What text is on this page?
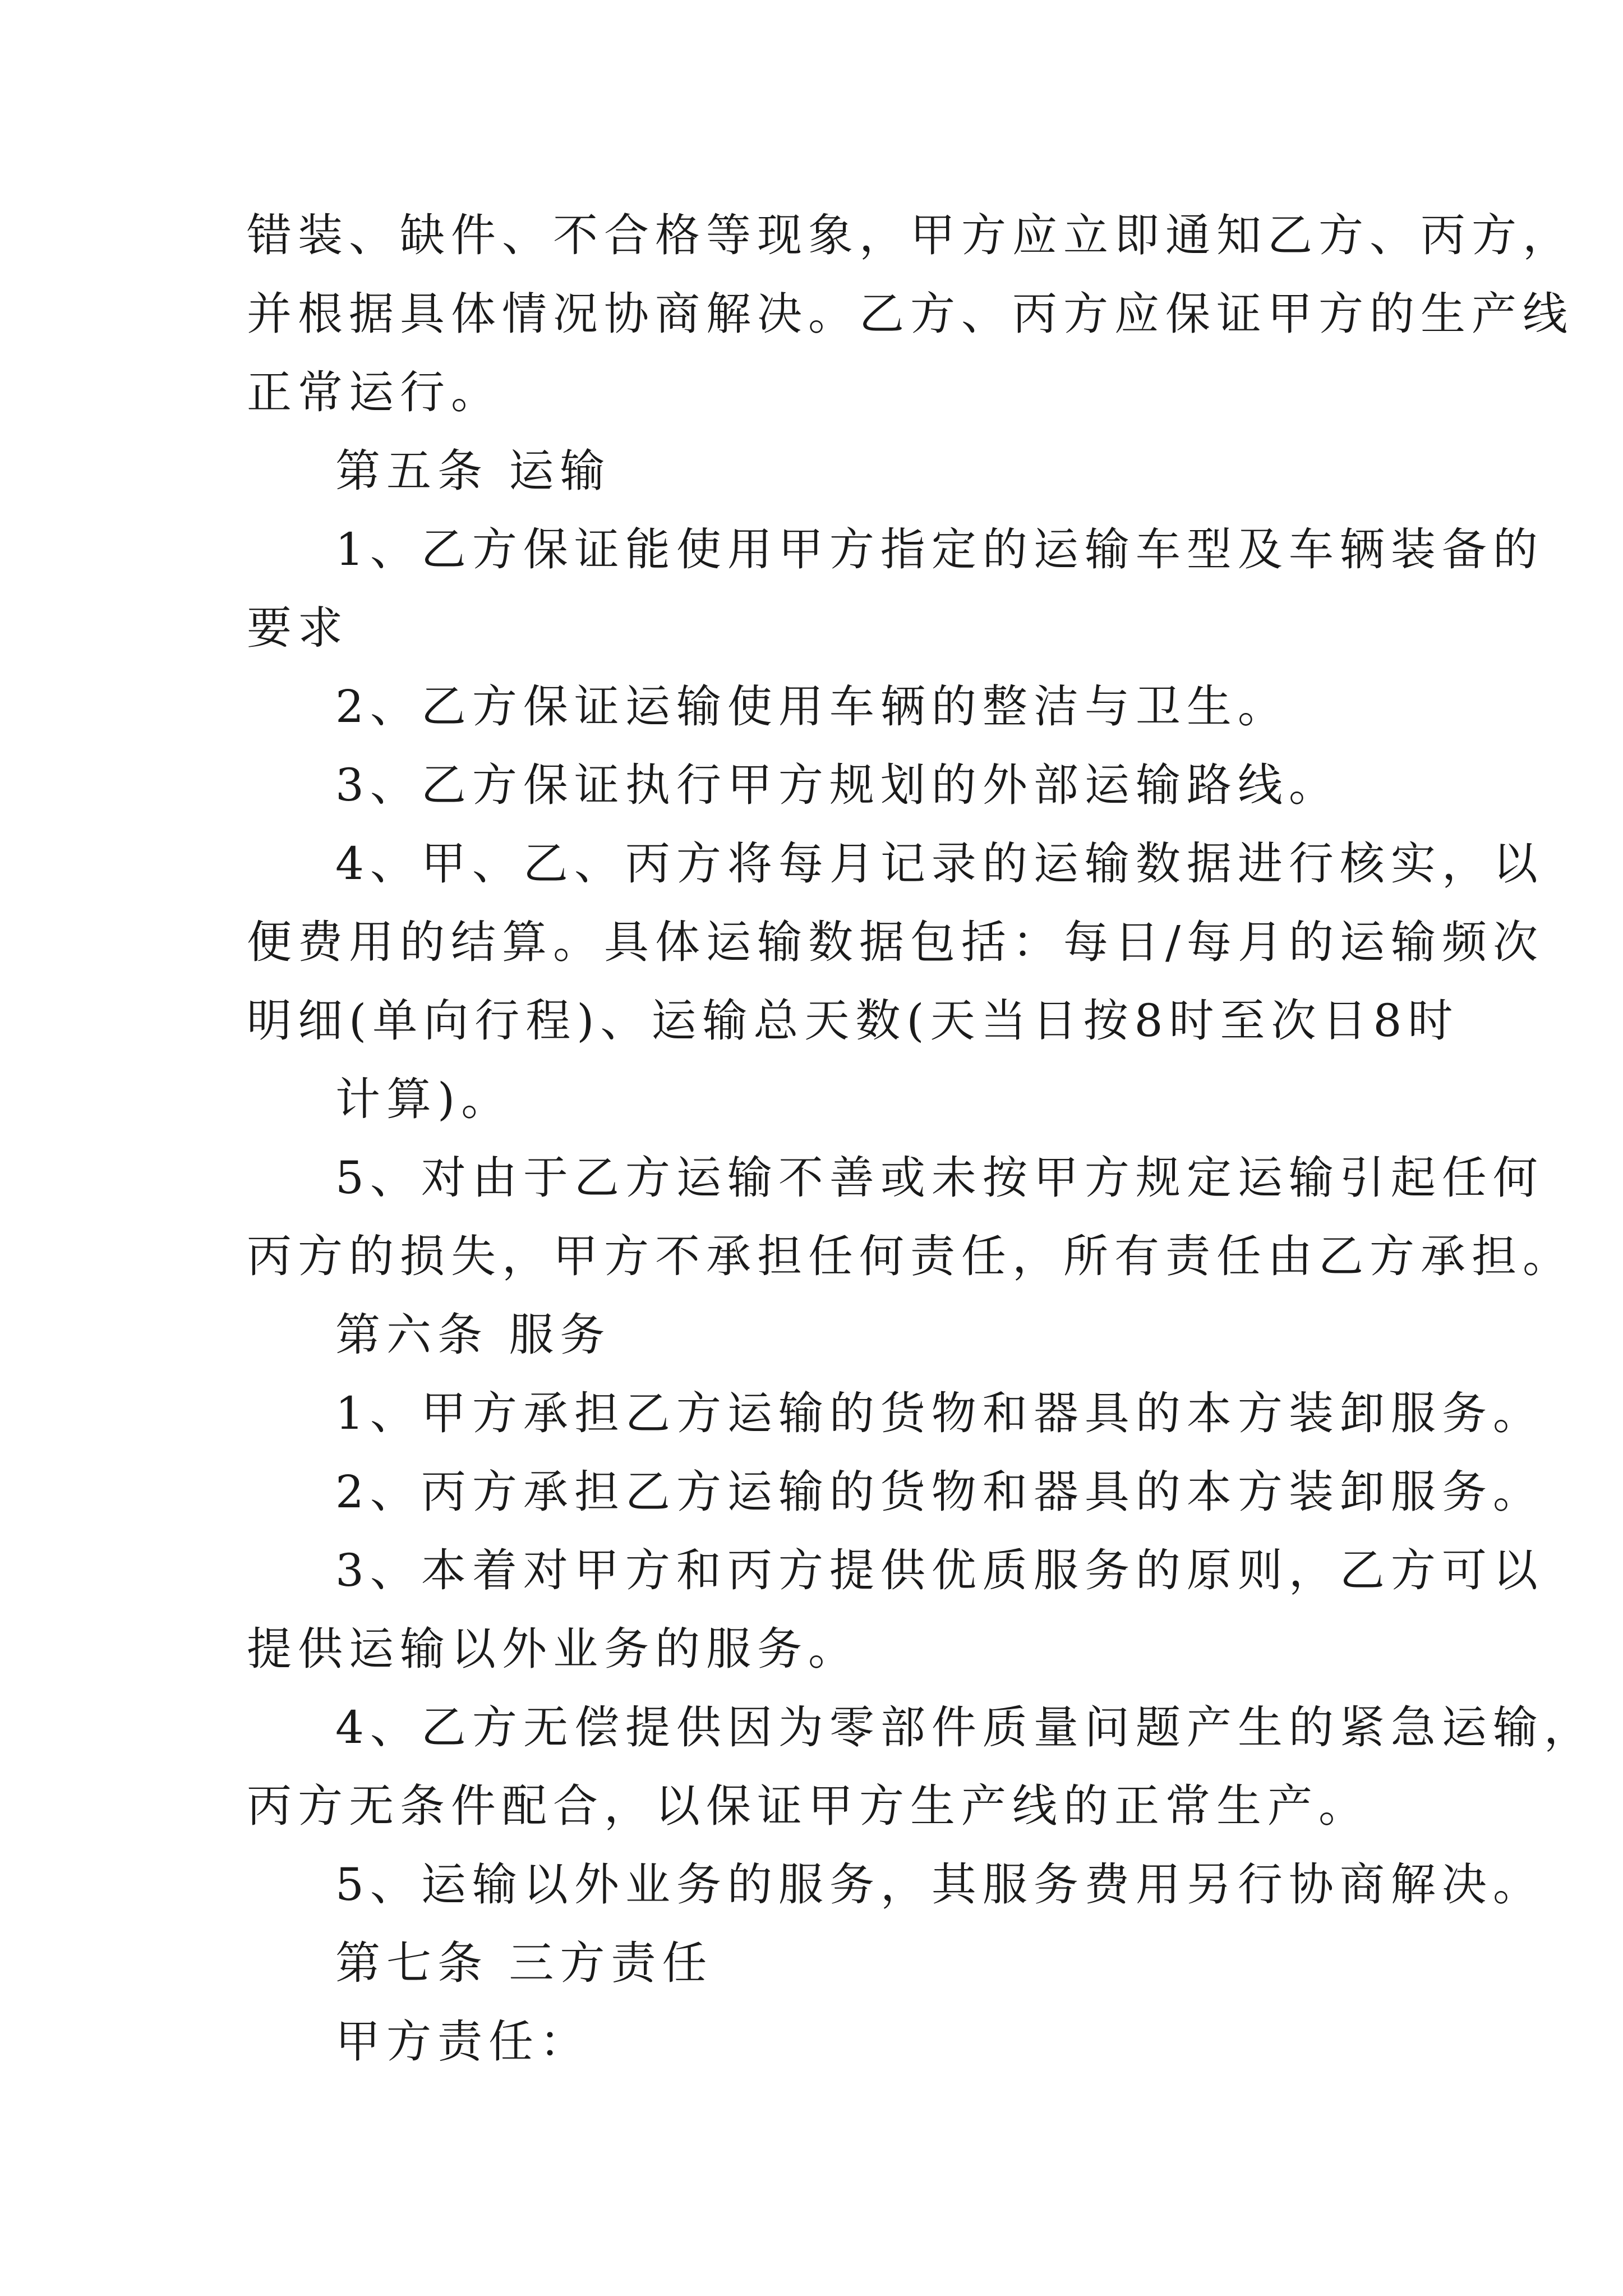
错装、缺件、不合格等现象，甲方应立即通知乙方、丙方，
并根据具体情况协商解决。乙方、丙方应保证甲方的生产线
正常运行。
第五条 运输
1、乙方保证能使用甲方指定的运输车型及车辆装备的
要求
2、乙方保证运输使用车辆的整洁与卫生。
3、乙方保证执行甲方规划的外部运输路线。
4、甲、乙、丙方将每月记录的运输数据进行核实，以
便费用的结算。具体运输数据包括：每日/每月的运输频次
明细(单向行程)、运输总天数(天当日按8时至次日8时
计算)。
5、对由于乙方运输不善或未按甲方规定运输引起任何
丙方的损失，甲方不承担任何责任，所有责任由乙方承担。
第六条 服务
1、甲方承担乙方运输的货物和器具的本方装卸服务。
2、丙方承担乙方运输的货物和器具的本方装卸服务。
3、本着对甲方和丙方提供优质服务的原则，乙方可以
提供运输以外业务的服务。
4、乙方无偿提供因为零部件质量问题产生的紧急运输，
丙方无条件配合，以保证甲方生产线的正常生产。
5、运输以外业务的服务，其服务费用另行协商解决。
第七条 三方责任
甲方责任：
